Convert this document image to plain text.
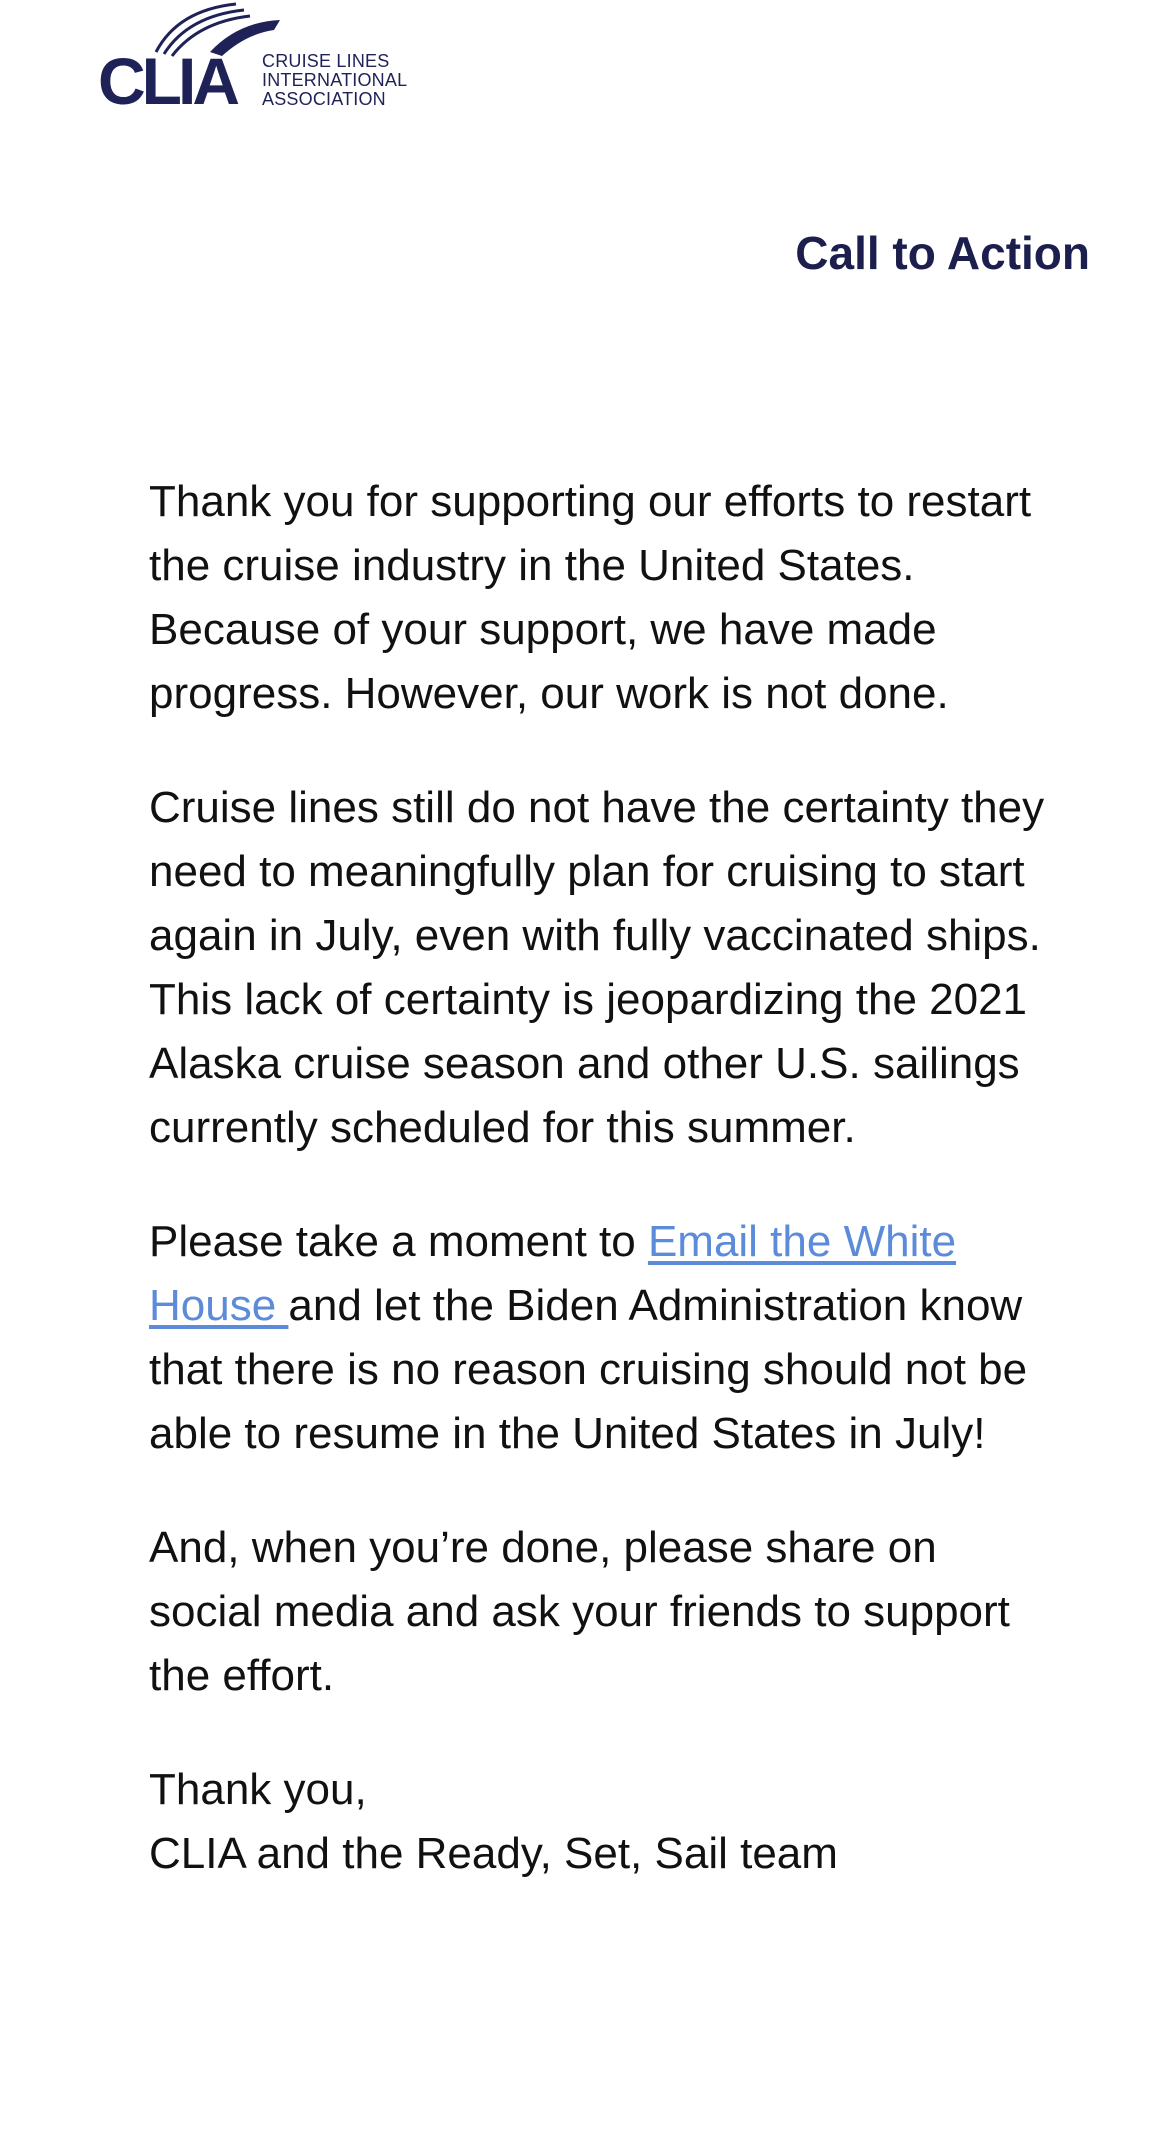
CLIA CRUISE LINES
INTERNATIONAL
ASSOCIATION
Call to Action

Thank you for supporting our efforts to restart the cruise industry in the United States. Because of your support, we have made progress. However, our work is not done.

Cruise lines still do not have the certainty they need to meaningfully plan for cruising to start again in July, even with fully vaccinated ships. This lack of certainty is jeopardizing the 2021 Alaska cruise season and other U.S. sailings currently scheduled for this summer.

Please take a moment to Email the White House and let the Biden Administration know that there is no reason cruising should not be able to resume in the United States in July!

And, when you’re done, please share on social media and ask your friends to support the effort.

Thank you,
CLIA and the Ready, Set, Sail team
